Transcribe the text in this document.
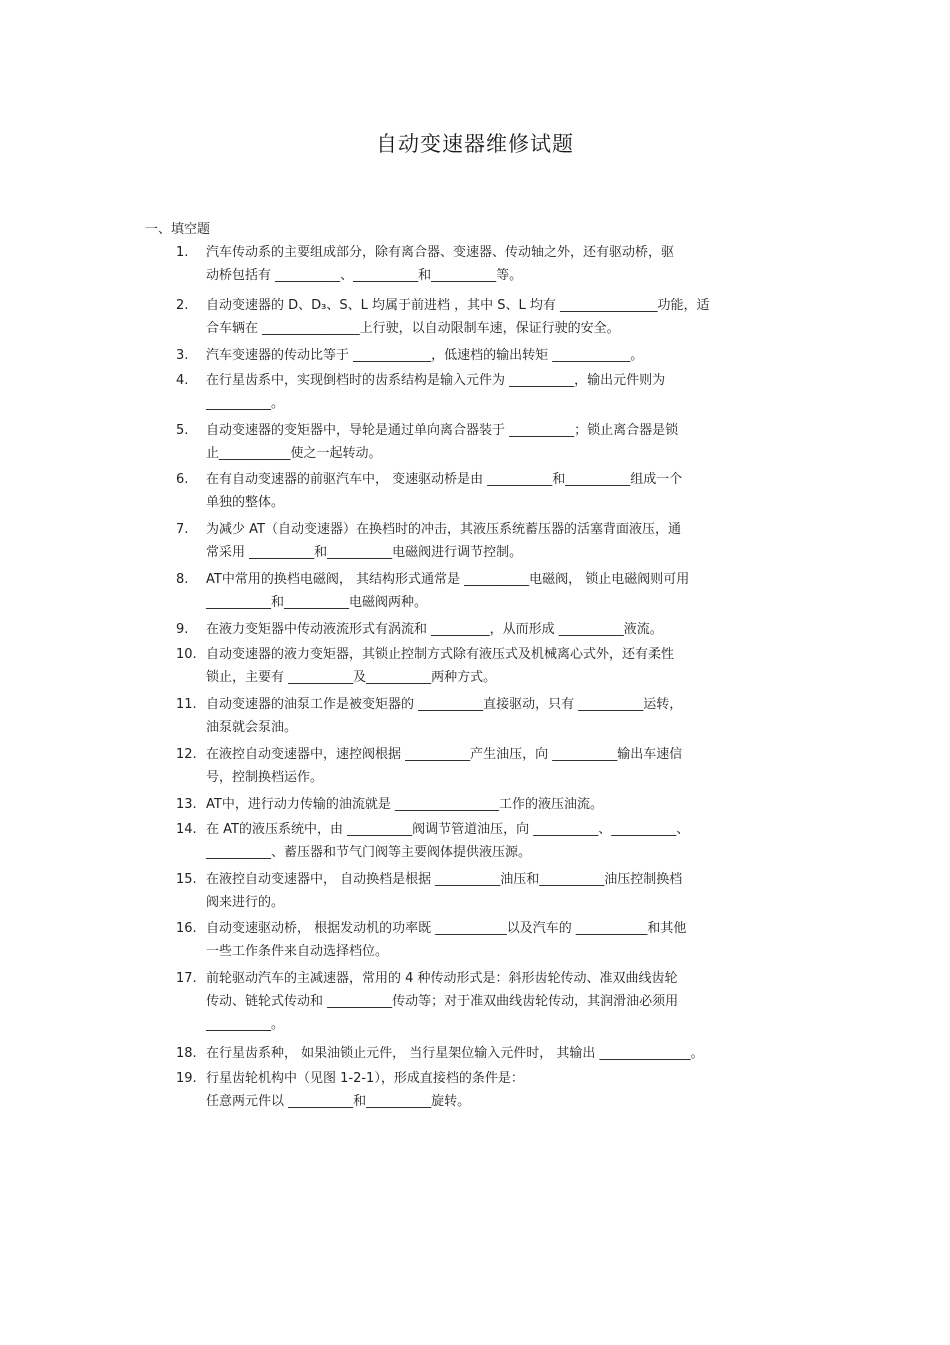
自动变速器维修试题
一、填空题
1. 汽车传动系的主要组成部分，除有离合器、变速器、传动轴之外，还有驱动桥，驱
动桥包括有 __________、__________和__________等。
2. 自动变速器的 D、D₃、S、L 均属于前进档 ，其中 S、L 均有 _______________功能，适
合车辆在 _______________上行驶，以自动限制车速，保证行驶的安全。
3. 汽车变速器的传动比等于 ____________，低速档的输出转矩 ____________。
4. 在行星齿系中，实现倒档时的齿系结构是输入元件为 __________，输出元件则为
__________。
5. 自动变速器的变矩器中，导轮是通过单向离合器装于 __________；锁止离合器是锁
止___________使之一起转动。
6. 在有自动变速器的前驱汽车中， 变速驱动桥是由 __________和__________组成一个
单独的整体。
7. 为减少 AT（自动变速器）在换档时的冲击，其液压系统蓄压器的活塞背面液压，通
常采用 __________和__________电磁阀进行调节控制。
8. AT中常用的换档电磁阀， 其结构形式通常是 __________电磁阀， 锁止电磁阀则可用
__________和__________电磁阀两种。
9. 在液力变矩器中传动液流形式有涡流和 _________，从而形成 __________液流。
10. 自动变速器的液力变矩器，其锁止控制方式除有液压式及机械离心式外，还有柔性
锁止，主要有 __________及__________两种方式。
11. 自动变速器的油泵工作是被变矩器的 __________直接驱动，只有 __________运转，
油泵就会泵油。
12. 在液控自动变速器中，速控阀根据 __________产生油压，向 __________输出车速信
号，控制换档运作。
13. AT中，进行动力传输的油流就是 ________________工作的液压油流。
14. 在 AT的液压系统中，由 __________阀调节管道油压，向 __________、__________、
__________、蓄压器和节气门阀等主要阀体提供液压源。
15. 在液控自动变速器中， 自动换档是根据 __________油压和__________油压控制换档
阀来进行的。
16. 自动变速驱动桥， 根据发动机的功率既 ___________以及汽车的 ___________和其他
一些工作条件来自动选择档位。
17. 前轮驱动汽车的主减速器，常用的 4 种传动形式是：斜形齿轮传动、准双曲线齿轮
传动、链轮式传动和 __________传动等；对于准双曲线齿轮传动，其润滑油必须用
__________。
18. 在行星齿系种， 如果油锁止元件， 当行星架位输入元件时， 其输出 ______________。
19. 行星齿轮机构中（见图 1-2-1），形成直接档的条件是：
任意两元件以 __________和__________旋转。
